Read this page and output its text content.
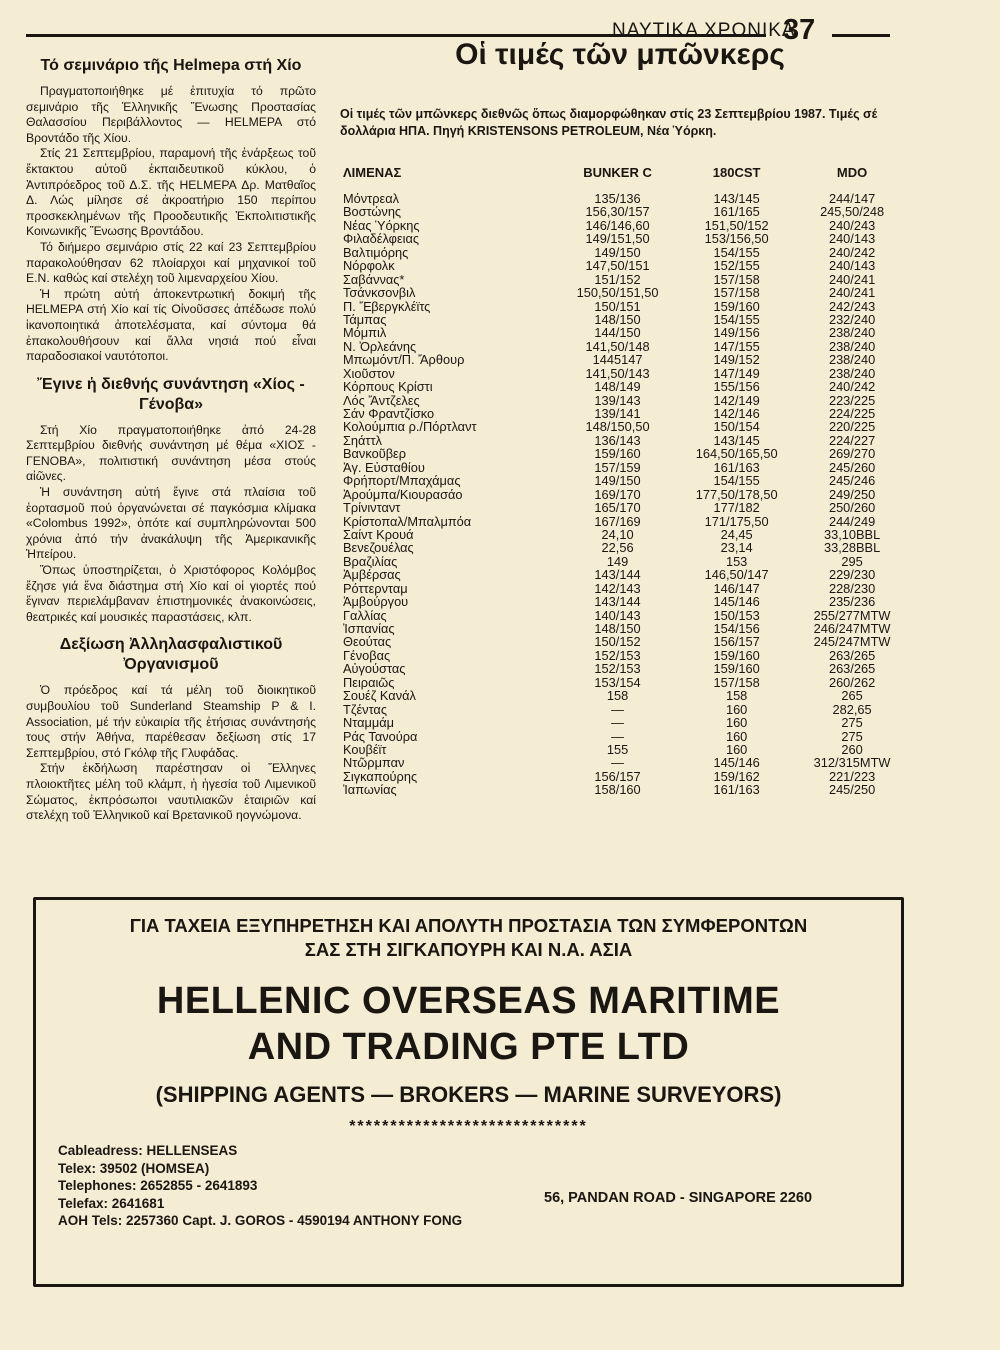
ΝΑΥΤΙΚΑ ΧΡΟΝΙΚΑ
37
Τό σεμινάριο τῆς Helmepa στή Χίο

Πραγματοποιήθηκε μέ ἐπιτυχία τό πρῶτο σεμινάριο τῆς Ἑλληνικῆς Ἕνωσης Προστασίας Θαλασσίου Περιβάλλοντος — HELMEPA στό Βροντάδο τῆς Χίου.

Στίς 21 Σεπτεμβρίου, παραμονή τῆς ἐνάρξεως τοῦ ἔκτακτου αὐτοῦ ἐκπαιδευτικοῦ κύκλου, ὁ Ἀντιπρόεδρος τοῦ Δ.Σ. τῆς HELMEPA Δρ. Ματθαῖος Δ. Λώς μίλησε σέ ἀκροατήριο 150 περίπου προσκεκλημένων τῆς Προοδευτικῆς Ἐκπολιτιστικῆς Κοινωνικῆς Ἕνωσης Βροντάδου.

Τό διήμερο σεμινάριο στίς 22 καί 23 Σεπτεμβρίου παρακολούθησαν 62 πλοίαρχοι καί μηχανικοί τοῦ Ε.Ν. καθώς καί στελέχη τοῦ λιμεναρχείου Χίου.

Ἡ πρώτη αὐτή ἀποκεντρωτική δοκιμή τῆς HELMEPA στή Χίο καί τίς Οἰνοῦσσες ἀπέδωσε πολύ ἱκανοποιητικά ἀποτελέσματα, καί σύντομα θά ἐπακολουθήσουν καί ἄλλα νησιά πού εἶναι παραδοσιακοί ναυτότοποι.

Ἔγινε ἡ διεθνής συνάντηση «Χίος - Γένοβα»

Στή Χίο πραγματοποιήθηκε ἀπό 24-28 Σεπτεμβρίου διεθνής συνάντηση μέ θέμα «ΧΙΟΣ - ΓΕΝΟΒΑ», πολιτιστική συνάντηση μέσα στούς αἰῶνες.

Ἡ συνάντηση αὐτή ἔγινε στά πλαίσια τοῦ ἑορτασμοῦ πού ὀργανώνεται σέ παγκόσμια κλίμακα «Colombus 1992», ὁπότε καί συμπληρώνονται 500 χρόνια ἀπό τήν ἀνακάλυψη τῆς Ἀμερικανικῆς Ἠπείρου.

Ὅπως ὑποστηρίζεται, ὁ Χριστόφορος Κολόμβος ἔζησε γιά ἕνα διάστημα στή Χίο καί οἱ γιορτές πού ἔγιναν περιελάμβαναν ἐπιστημονικές ἀνακοινώσεις, θεατρικές καί μουσικές παραστάσεις, κλπ.

Δεξίωση Ἀλληλασφαλιστικοῦ Ὀργανισμοῦ

Ὁ πρόεδρος καί τά μέλη τοῦ διοικητικοῦ συμβουλίου τοῦ Sunderland Steamship P & I. Association, μέ τήν εὐκαιρία τῆς ἐτήσιας συνάντησής τους στήν Ἀθήνα, παρέθεσαν δεξίωση στίς 17 Σεπτεμβρίου, στό Γκόλφ τῆς Γλυφάδας.

Στήν ἐκδήλωση παρέστησαν οἱ Ἕλληνες πλοιοκτῆτες μέλη τοῦ κλάμπ, ἡ ἡγεσία τοῦ Λιμενικοῦ Σώματος, ἐκπρόσωποι ναυτιλιακῶν ἑταιριῶν καί στελέχη τοῦ Ἑλληνικοῦ καί Βρετανικοῦ ηογνώμονα.

Οἱ τιμές τῶν μπῶνκερς
Οἱ τιμές τῶν μπῶνκερς διεθνῶς ὅπως διαμορφώθηκαν στίς 23 Σεπτεμβρίου 1987. Τιμές σέ δολλάρια ΗΠΑ. Πηγή KRISTENSONS PETROLEUM, Νέα Ὑόρκη.
ΛΙΜΕΝΑΣ	BUNKER C	180CST	MDO

Μόντρεαλ	135/136	143/145	244/147
Βοστώνης	156,30/157	161/165	245,50/248
Νέας Ὑόρκης	146/146,60	151,50/152	240/243
Φιλαδέλφειας	149/151,50	153/156,50	240/143
Βαλτιμόρης	149/150	154/155	240/242
Νόρφολκ	147,50/151	152/155	240/143
Σαβάννας*	151/152	157/158	240/241
Τσάνκσονβιλ	150,50/151,50	157/158	240/241
Π. Ἔβεργκλέϊτς	150/151	159/160	242/243
Τάμπας	148/150	154/155	232/240
Μόμπιλ	144/150	149/156	238/240
Ν. Ὀρλεάνης	141,50/148	147/155	238/240
Μπωμόντ/Π. Ἄρθουρ	1445147	149/152	238/240
Χιοῦστον	141,50/143	147/149	238/240
Κόρπους Κρίστι	148/149	155/156	240/242
Λός Ἄντζελες	139/143	142/149	223/225
Σάν Φραντζίσκο	139/141	142/146	224/225
Κολούμπια ρ./Πόρτλαντ	148/150,50	150/154	220/225
Σηάττλ	136/143	143/145	224/227
Βανκοῦβερ	159/160	164,50/165,50	269/270
Ἀγ. Εὐσταθίου	157/159	161/163	245/260
Φρήπορτ/Μπαχάμας	149/150	154/155	245/246
Ἀρούμπα/Κιουρασάο	169/170	177,50/178,50	249/250
Τρίνινταντ	165/170	177/182	250/260
Κρίστοπαλ/Μπαλμπόα	167/169	171/175,50	244/249
Σαίντ Κρουά	24,10	24,45	33,10BBL
Βενεζουέλας	22,56	23,14	33,28BBL
Βραζιλίας	149	153	295
Ἀμβέρσας	143/144	146,50/147	229/230
Ρόττερνταμ	142/143	146/147	228/230
Ἀμβούργου	143/144	145/146	235/236
Γαλλίας	140/143	150/153	255/277MTW
Ἰσπανίας	148/150	154/156	246/247MTW
Θεούτας	150/152	156/157	245/247MTW
Γένοβας	152/153	159/160	263/265
Αὐγούστας	152/153	159/160	263/265
Πειραιῶς	153/154	157/158	260/262
Σουέζ Κανάλ	158	158	265
Τζέντας	—	160	282,65
Νταμμάμ	—	160	275
Ράς Τανούρα	—	160	275
Κουβέϊτ	155	160	260
Ντῶρμπαν	—	145/146	312/315MTW
Σιγκαπούρης	156/157	159/162	221/223
Ἰαπωνίας	158/160	161/163	245/250
ΓΙΑ ΤΑΧΕΙΑ ΕΞΥΠΗΡΕΤΗΣΗ ΚΑΙ ΑΠΟΛΥΤΗ ΠΡΟΣΤΑΣΙΑ ΤΩΝ ΣΥΜΦΕΡΟΝΤΩΝ
ΣΑΣ ΣΤΗ ΣΙΓΚΑΠΟΥΡΗ ΚΑΙ Ν.Α. ΑΣΙΑ
HELLENIC OVERSEAS MARITIME
AND TRADING PTE LTD
(SHIPPING AGENTS — BROKERS — MARINE SURVEYORS)
*****************************
Cableadress: HELLENSEAS
Telex: 39502 (HOMSEA)
Telephones: 2652855 - 2641893
Telefax: 2641681
AOH Tels: 2257360 Capt. J. GOROS - 4590194 ANTHONY FONG
56, PANDAN ROAD - SINGAPORE 2260
